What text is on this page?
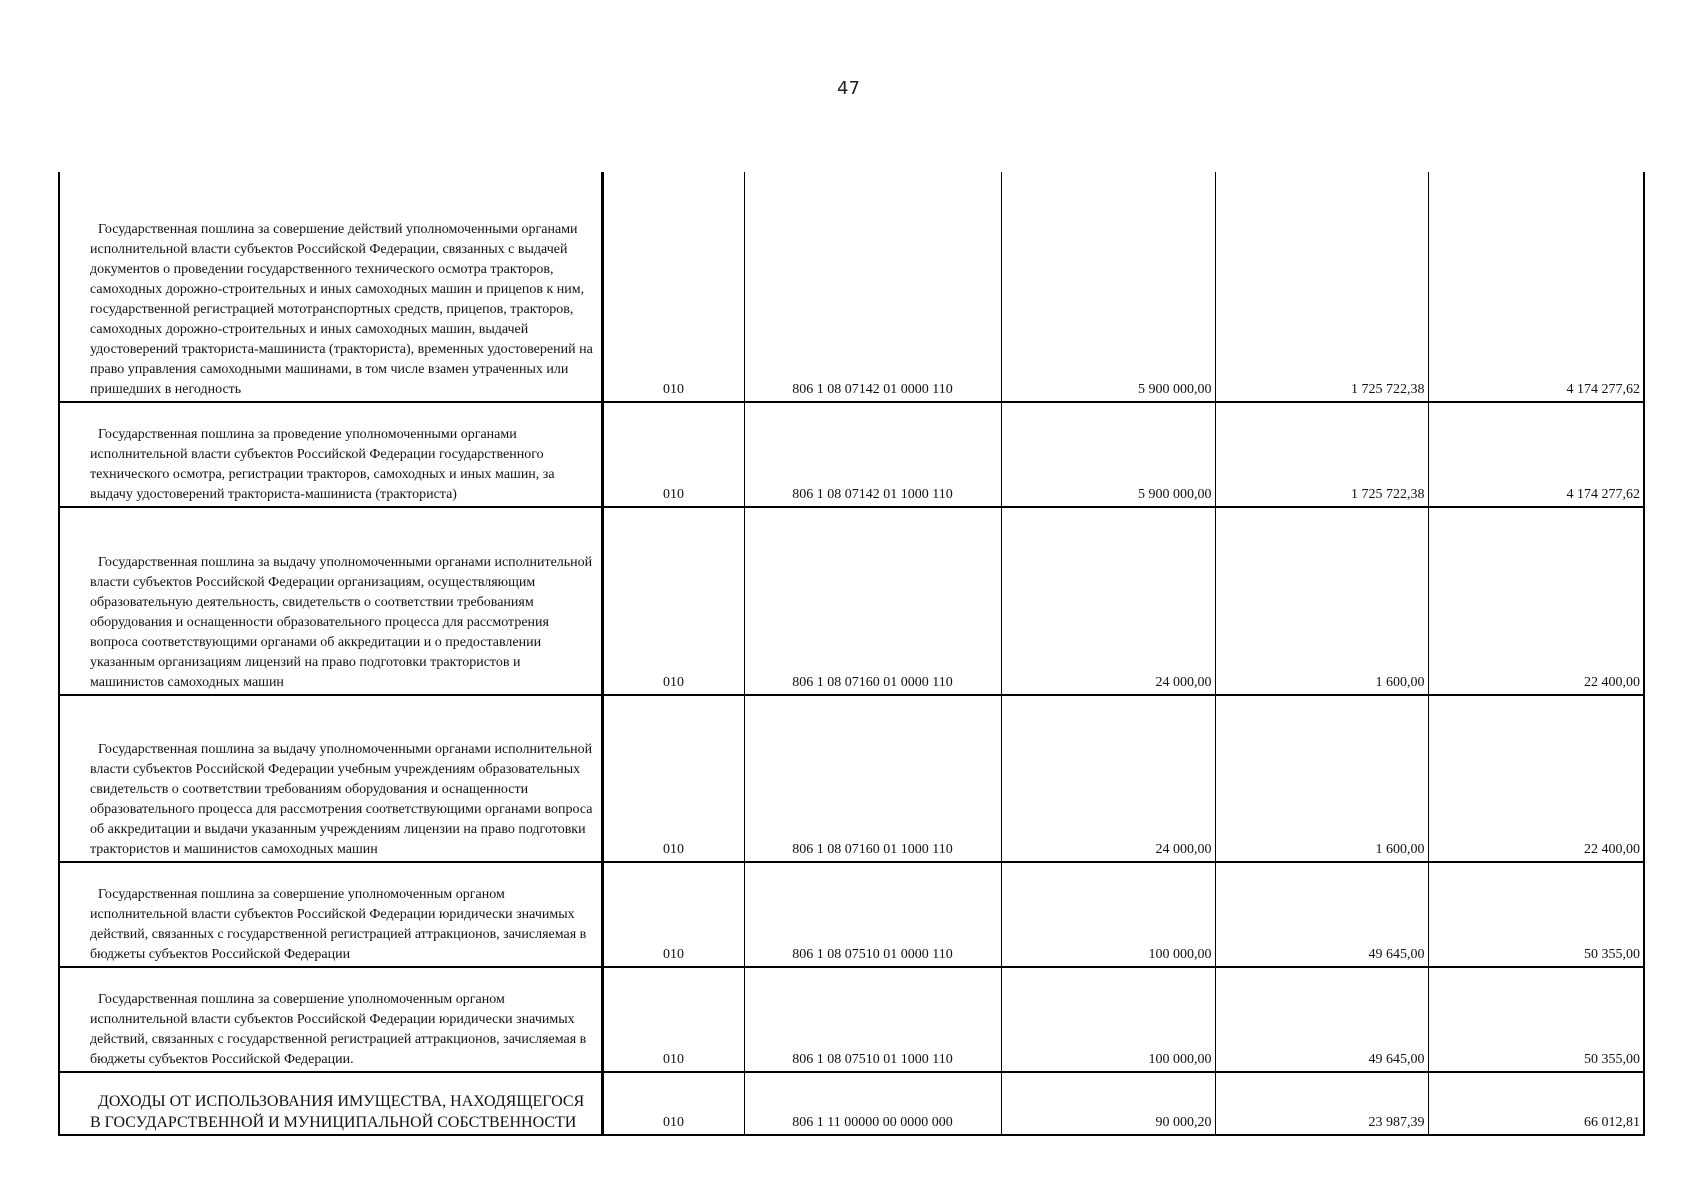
47
Государственная пошлина за совершение действий уполномоченными органами исполнительной власти субъектов Российской Федерации, связанных с выдачей документов о проведении государственного технического осмотра тракторов, самоходных дорожно-строительных и иных самоходных машин и прицепов к ним, государственной регистрацией мототранспортных средств, прицепов, тракторов, самоходных дорожно-строительных и иных самоходных машин, выдачей удостоверений тракториста-машиниста (тракториста), временных удостоверений на право управления самоходными машинами, в том числе взамен утраченных или пришедших в негодность	010	806 1 08 07142 01 0000 110	5 900 000,00	1 725 722,38	4 174 277,62

Государственная пошлина за проведение уполномоченными органами исполнительной власти субъектов Российской Федерации государственного технического осмотра, регистрации тракторов, самоходных и иных машин, за выдачу удостоверений тракториста-машиниста (тракториста)	010	806 1 08 07142 01 1000 110	5 900 000,00	1 725 722,38	4 174 277,62

Государственная пошлина за выдачу уполномоченными органами исполнительной власти субъектов Российской Федерации организациям, осуществляющим образовательную деятельность, свидетельств о соответствии требованиям оборудования и оснащенности образовательного процесса для рассмотрения вопроса соответствующими органами об аккредитации и о предоставлении указанным организациям лицензий на право подготовки трактористов и машинистов самоходных машин	010	806 1 08 07160 01 0000 110	24 000,00	1 600,00	22 400,00

Государственная пошлина за выдачу уполномоченными органами исполнительной власти субъектов Российской Федерации учебным учреждениям образовательных свидетельств о соответствии требованиям оборудования и оснащенности образовательного процесса для рассмотрения соответствующими органами вопроса об аккредитации и выдачи указанным учреждениям лицензии на право подготовки трактористов и машинистов самоходных машин	010	806 1 08 07160 01 1000 110	24 000,00	1 600,00	22 400,00

Государственная пошлина за совершение уполномоченным органом исполнительной власти субъектов Российской Федерации юридически значимых действий, связанных с государственной регистрацией аттракционов, зачисляемая в бюджеты субъектов Российской Федерации	010	806 1 08 07510 01 0000 110	100 000,00	49 645,00	50 355,00

Государственная пошлина за совершение уполномоченным органом исполнительной власти субъектов Российской Федерации юридически значимых действий, связанных с государственной регистрацией аттракционов, зачисляемая в бюджеты субъектов Российской Федерации.	010	806 1 08 07510 01 1000 110	100 000,00	49 645,00	50 355,00

ДОХОДЫ ОТ ИСПОЛЬЗОВАНИЯ ИМУЩЕСТВА, НАХОДЯЩЕГОСЯ В ГОСУДАРСТВЕННОЙ И МУНИЦИПАЛЬНОЙ СОБСТВЕННОСТИ	010	806 1 11 00000 00 0000 000	90 000,20	23 987,39	66 012,81
